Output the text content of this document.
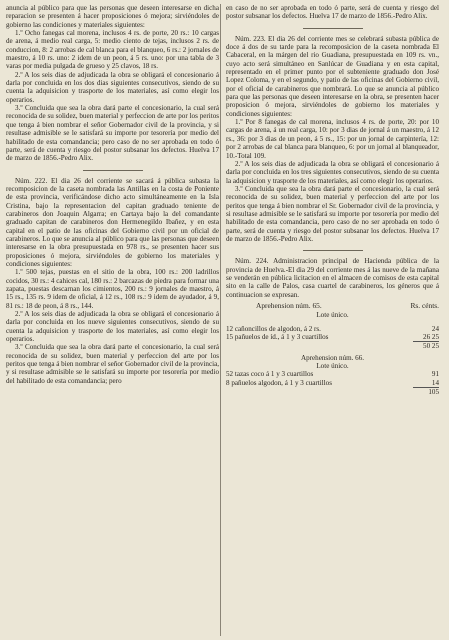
anuncia al público para que las personas que deseen interesarse en dicha reparacion se presenten á hacer proposiciones ó mejora; sirviéndoles de gobierno las condiciones y materiales siguientes:

1.º Ocho fanegas cal morena, inclusos 4 rs. de porte, 20 rs.: 10 cargas de arena, á medio real carga, 5: medio ciento de tejas, inclusos 2 rs. de conduccion, 8: 2 arrobas de cal blanca para el blanqueo, 6 rs.: 2 jornales de maestro, á 10 rs. uno: 2 idem de un peon, á 5 rs. uno: por una tabla de 3 varas por media pulgada de grueso y 25 clavos, 18 rs.

2.º A los seis dias de adjudicada la obra se obligará el concesionario á darla por concluida en los dos dias siguientes consecutivos, siendo de su cuenta la adquisicion y trasporte de los materiales, así como elegir los operarios.

3.º Concluida que sea la obra dará parte el concesionario, la cual será reconocida de su solidez, buen material y perfeccion de arte por los peritos que tenga á bien nombrar el señor Gobernador civil de la provincia, y si resultase admisible se le satisfará su importe por tesorería por medio del habilitado de esta comandancia; pero caso de no ser aprobada en todo ó parte, será de cuenta y riesgo del postor subsanar los defectos. Huelva 17 de marzo de 1856.-Pedro Alix.

Núm. 222. El dia 26 del corriente se sacará á pública subasta la recomposicion de la caseta nombrada las Antillas en la costa de Poniente de esta provincia, verificándose dicho acto simultáneamente en la Isla Cristina, bajo la representacion del capitan graduado teniente de carabineros don Joaquin Algarra; en Cartaya bajo la del comandante graduado capitan de carabineros don Hermenegildo Ibañez, y en esta capital en el patio de las oficinas del Gobierno civil por un oficial de carabineros. Lo que se anuncia al público para que las personas que deseen interesarse en la obra presupuestada en 978 rs., se presenten hacer sus proposiciones ó mejora, sirviéndoles de gobierno los materiales y condiciones siguientes:

1.º 500 tejas, puestas en el sitio de la obra, 100 rs.: 200 ladrillos cocidos, 30 rs.: 4 cahices cal, 180 rs.: 2 barcazas de piedra para formar una zapata, puestas descarnan los cimientos, 200 rs.: 9 jornales de maestro, á 15 rs., 135 rs. 9 idem de oficial, á 12 rs., 108 rs.: 9 idem de ayudador, á 9, 81 rs.: 18 de peon, á 8 rs., 144.

2.º A los seis dias de adjudicada la obra se obligará el concesionario á darla por concluida en los nueve siguientes consecutivos, siendo de su cuenta la adquisicion y trasporte de los materiales, así como elegir los operarios.

3.º Concluida que sea la obra dará parte el concesionario, la cual será reconocida de su solidez, buen material y perfeccion del arte por los peritos que tenga á bien nombrar el señor Gobernador civil de la provincia, y si resultase admisible se le satisfará su importe por tesorería por medio del habilitado de esta comandancia; pero

en caso de no ser aprobada en todo ó parte, será de cuenta y riesgo del postor subsanar los defectos. Huelva 17 de marzo de 1856.-Pedro Alix.

Núm. 223. El dia 26 del corriente mes se celebrará subasta pública de doce á dos de su tarde para la recomposicion de la caseta nombrada El Cabaceral, en la márgen del rio Guadiana, presupuestada en 109 rs. vn., cuyo acto será simultáneo en Sanlúcar de Guadiana y en esta capital, representado en el primer punto por el subteniente graduado don José Lopez Coloma, y en el segundo, y patio de las oficinas del Gobierno civil, por el oficial de carabineros que nombrará. Lo que se anuncia al público para que las personas que deseen interesarse en la obra, se presenten hacer proposicion ó mejora, sirviéndoles de gobierno los materiales y condiciones siguientes:

1.º Por 8 fanegas de cal morena, inclusos 4 rs. de porte, 20: por 10 cargas de arena, á un real carga, 10: por 3 dias de jornal á un maestro, á 12 rs., 36: por 3 dias de un peon, á 5 rs., 15: por un jornal de carpintería, 12: por 2 arrobas de cal blanca para blanqueo, 6: por un jornal al blanqueador, 10.-Total 109.

2.º A los seis dias de adjudicada la obra se obligará el concesionario á darla por concluida en los tres siguientes consecutivos, siendo de su cuenta la adquisicion y trasporte de los materiales, así como elegir los operarios.

3.º Concluida que sea la obra dará parte el concesionario, la cual será reconocida de su solidez, buen material y perfeccion del arte por los peritos que tenga á bien nombrar el Sr. Gobernador civil de la provincia, y si resultase admisible se le satisfará su importe por tesorería por medio del habilitado de esta comandancia, pero caso de no ser aprobada en todo ó parte, será de cuenta y riesgo del postor subsanar los defectos. Huelva 17 de marzo de 1856.-Pedro Alix.

Núm. 224. Administracion principal de Hacienda pública de la provincia de Huelva.-El dia 29 del corriente mes á las nueve de la mañana se venderán en pública licitacion en el almacen de comisos de esta capital sito en la calle de Palos, casa cuartel de carabineros, los géneros que á continuacion se expresan.

Aprehension núm. 65.	Rs. cénts.

Lote único.

12 cañoncillos de algodon, á 2 rs.	24
15 pañuelos de íd., á 1 y 3 cuartillos	26 25
50 25

Aprehension núm. 66.

Lote único.

52 tazas coco á 1 y 3 cuartillos	91
8 pañuelos algodon, á 1 y 3 cuartillos	14
105
